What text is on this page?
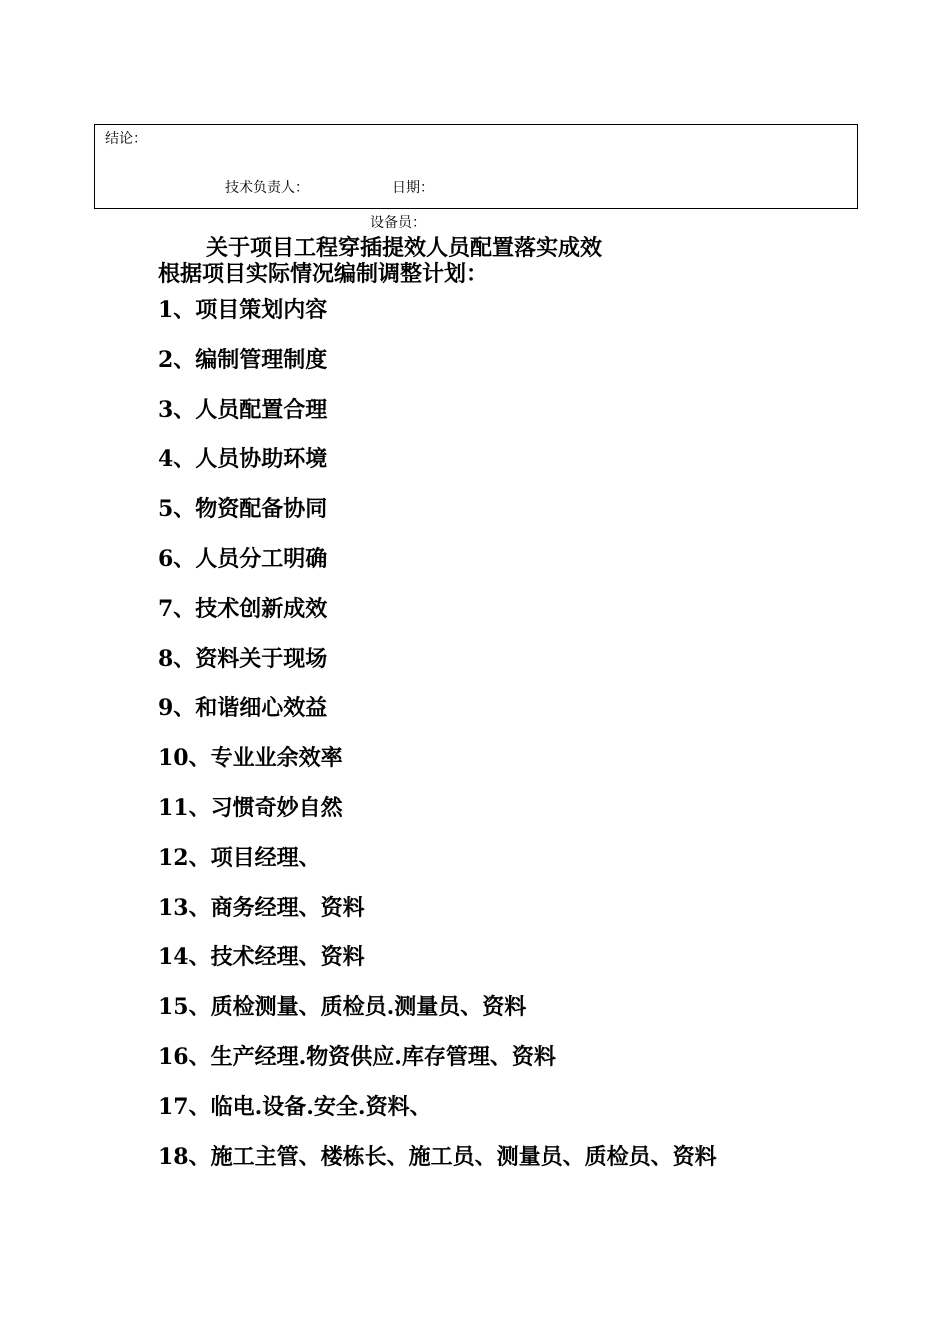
结论：
技术负责人：	日期：
设备员：
关于项目工程穿插提效人员配置落实成效
根据项目实际情况编制调整计划：
1、项目策划内容
2、编制管理制度
3、人员配置合理
4、人员协助环境
5、物资配备协同
6、人员分工明确
7、技术创新成效
8、资料关于现场
9、和谐细心效益
10、专业业余效率
11、习惯奇妙自然
12、项目经理、
13、商务经理、资料
14、技术经理、资料
15、质检测量、质检员.测量员、资料
16、生产经理.物资供应.库存管理、资料
17、临电.设备.安全.资料、
18、施工主管、楼栋长、施工员、测量员、质检员、资料
